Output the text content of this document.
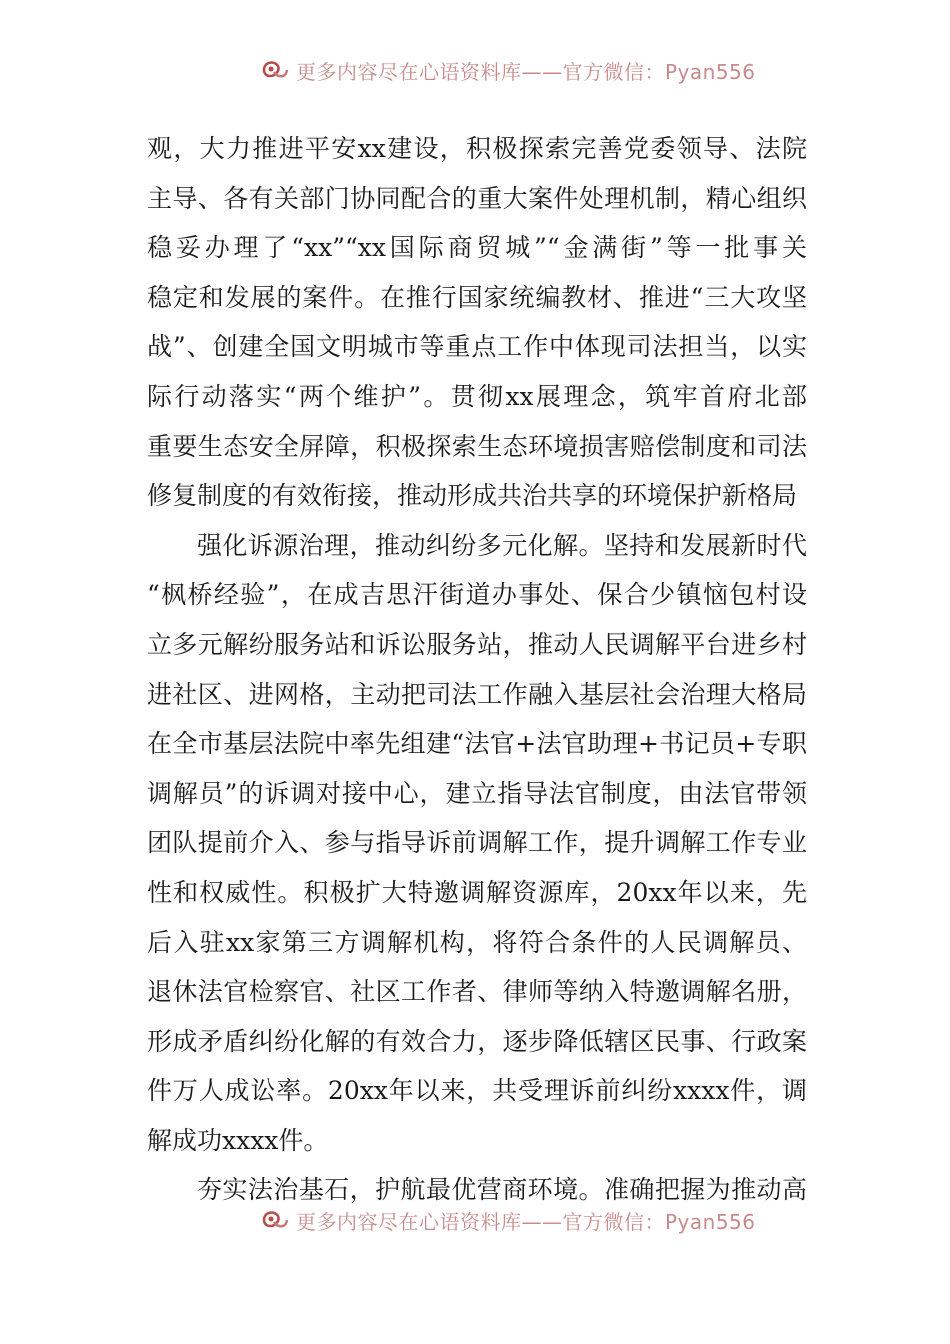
更多内容尽在心语资料库——官方微信：Pyan556
观，大力推进平安xx建设，积极探索完善党委领导、法院
主导、各有关部门协同配合的重大案件处理机制，精心组织
稳妥办理了“xx”“xx国际商贸城”“金满街”等一批事关
稳定和发展的案件。在推行国家统编教材、推进“三大攻坚
战”、创建全国文明城市等重点工作中体现司法担当，以实
际行动落实“两个维护”。贯彻xx展理念，筑牢首府北部
重要生态安全屏障，积极探索生态环境损害赔偿制度和司法
修复制度的有效衔接，推动形成共治共享的环境保护新格局
强化诉源治理，推动纠纷多元化解。坚持和发展新时代
“枫桥经验”，在成吉思汗街道办事处、保合少镇恼包村设
立多元解纷服务站和诉讼服务站，推动人民调解平台进乡村
进社区、进网格，主动把司法工作融入基层社会治理大格局
在全市基层法院中率先组建“法官+法官助理+书记员+专职
调解员”的诉调对接中心，建立指导法官制度，由法官带领
团队提前介入、参与指导诉前调解工作，提升调解工作专业
性和权威性。积极扩大特邀调解资源库，20xx年以来，先
后入驻xx家第三方调解机构，将符合条件的人民调解员、
退休法官检察官、社区工作者、律师等纳入特邀调解名册，
形成矛盾纠纷化解的有效合力，逐步降低辖区民事、行政案
件万人成讼率。20xx年以来，共受理诉前纠纷xxxx件，调
解成功xxxx件。
夯实法治基石，护航最优营商环境。准确把握为推动高
更多内容尽在心语资料库——官方微信：Pyan556
